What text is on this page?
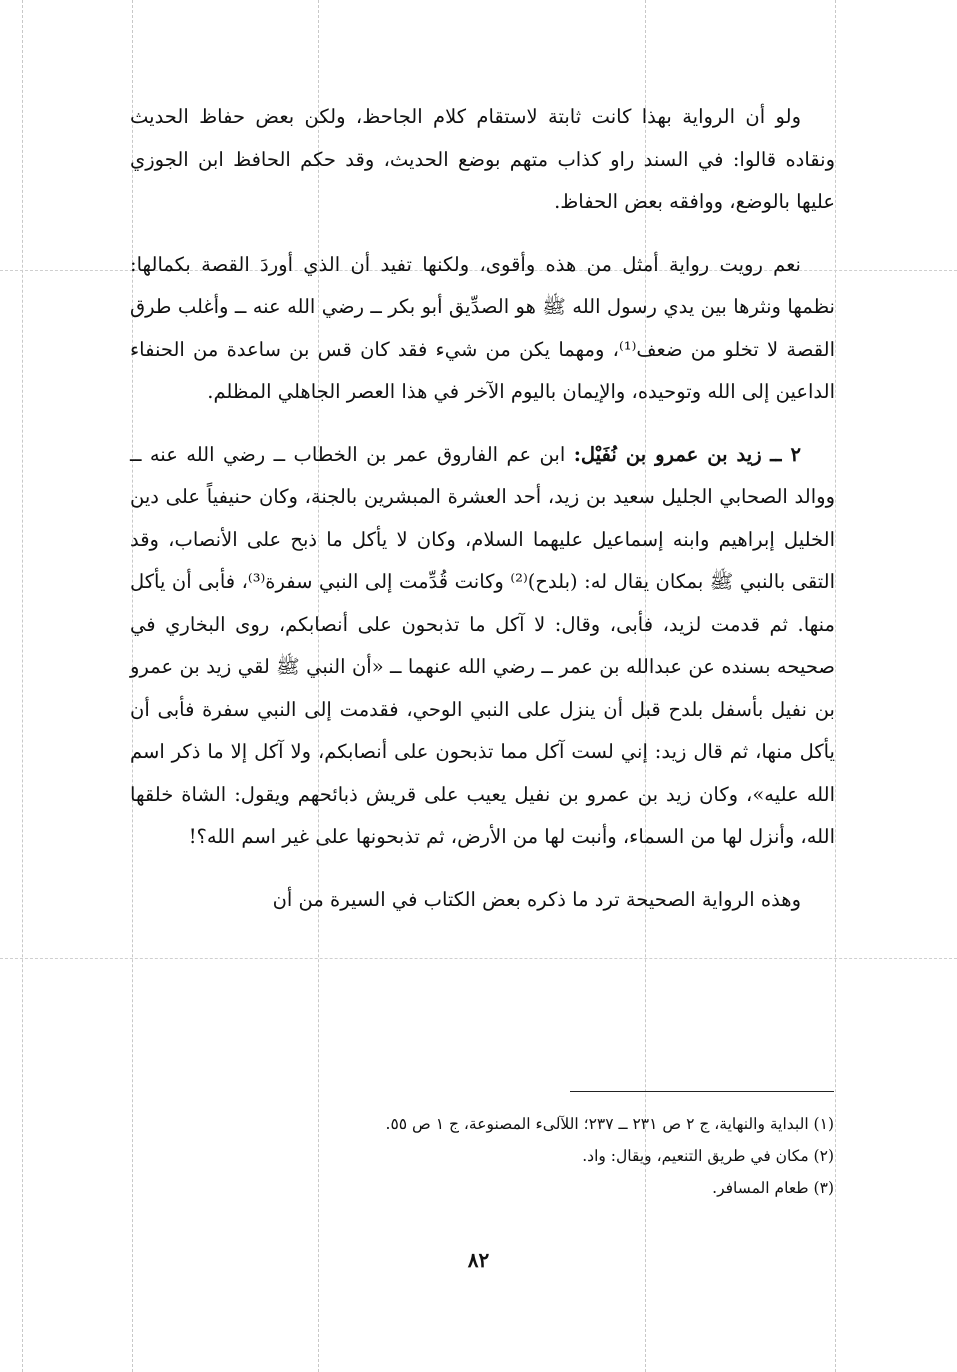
ولو أن الرواية بهذا كانت ثابتة لاستقام كلام الجاحظ، ولكن بعض حفاظ الحديث ونقاده قالوا: في السند راو كذاب متهم بوضع الحديث، وقد حكم الحافظ ابن الجوزي عليها بالوضع، ووافقه بعض الحفاظ.

نعم رويت رواية أمثل من هذه وأقوى، ولكنها تفيد أن الذي أوردَ القصة بكمالها: نظمها ونثرها بين يدي رسول الله ﷺ هو الصدِّيق أبو بكر ــ رضي الله عنه ــ وأغلب طرق القصة لا تخلو من ضعف⁽¹⁾، ومهما يكن من شيء فقد كان قس بن ساعدة من الحنفاء الداعين إلى الله وتوحيده، والإيمان باليوم الآخر في هذا العصر الجاهلي المظلم.

٢ ــ زيد بن عمرو بن نُفَيْل: ابن عم الفاروق عمر بن الخطاب ــ رضي الله عنه ــ ووالد الصحابي الجليل سعيد بن زيد، أحد العشرة المبشرين بالجنة، وكان حنيفياً على دين الخليل إبراهيم وابنه إسماعيل عليهما السلام، وكان لا يأكل ما ذبح على الأنصاب، وقد التقى بالنبي ﷺ بمكان يقال له: (بلدح)⁽²⁾ وكانت قُدِّمت إلى النبي سفرة⁽³⁾، فأبى أن يأكل منها. ثم قدمت لزيد، فأبى، وقال: لا آكل ما تذبحون على أنصابكم، روى البخاري في صحيحه بسنده عن عبدالله بن عمر ــ رضي الله عنهما ــ «أن النبي ﷺ لقي زيد بن عمرو بن نفيل بأسفل بلدح قبل أن ينزل على النبي الوحي، فقدمت إلى النبي سفرة فأبى أن يأكل منها، ثم قال زيد: إني لست آكل مما تذبحون على أنصابكم، ولا آكل إلا ما ذكر اسم الله عليه»، وكان زيد بن عمرو بن نفيل يعيب على قريش ذبائحهم ويقول: الشاة خلقها الله، وأنزل لها من السماء، وأنبت لها من الأرض، ثم تذبحونها على غير اسم الله؟!

وهذه الرواية الصحيحة ترد ما ذكره بعض الكتاب في السيرة من أن

(١) البداية والنهاية، ج ٢ ص ٢٣١ ــ ٢٣٧؛ اللآلىء المصنوعة، ج ١ ص ٥٥.

(٢) مكان في طريق التنعيم، ويقال: واد.

(٣) طعام المسافر.

٨٢
